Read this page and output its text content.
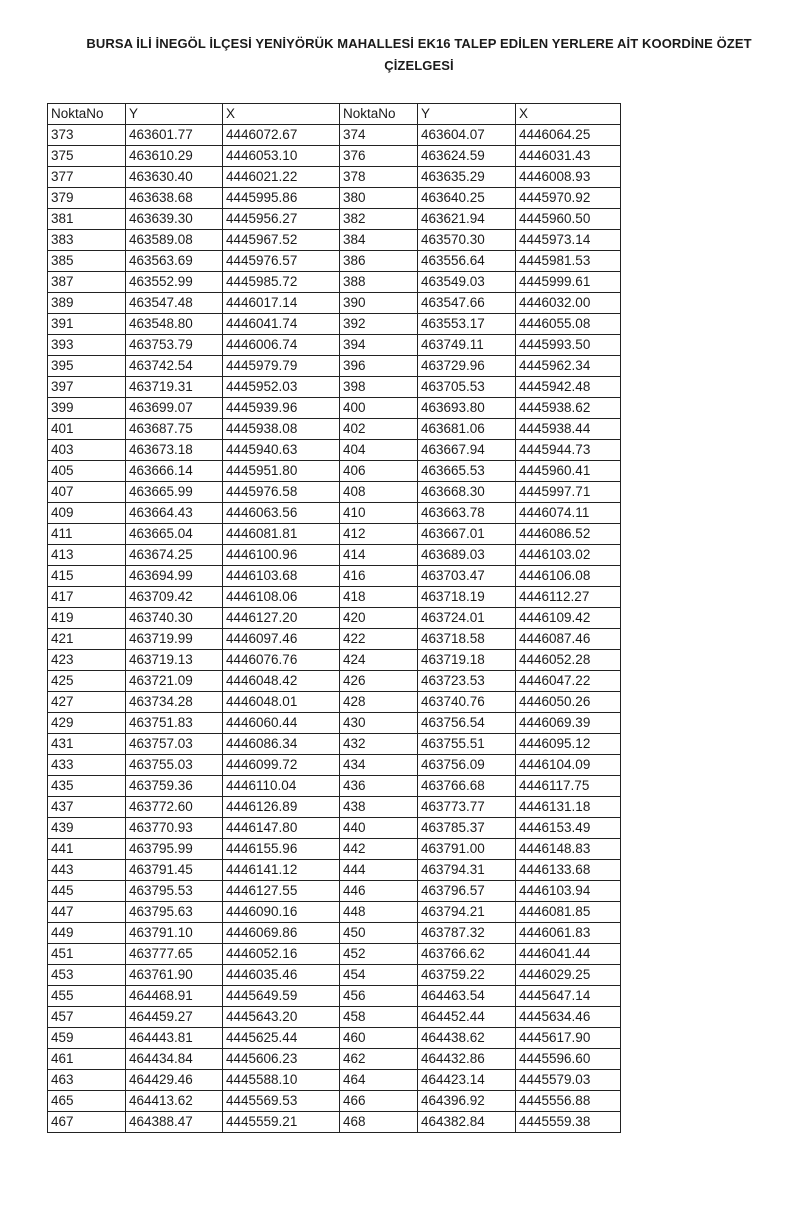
BURSA İLİ İNEGÖL İLÇESİ YENİYÖRÜK MAHALLESİ EK16 TALEP EDİLEN YERLERE AİT KOORDİNE ÖZET
ÇİZELGESİ
NoktaNo	Y	X	NoktaNo	Y	X
373	463601.77	4446072.67	374	463604.07	4446064.25
375	463610.29	4446053.10	376	463624.59	4446031.43
377	463630.40	4446021.22	378	463635.29	4446008.93
379	463638.68	4445995.86	380	463640.25	4445970.92
381	463639.30	4445956.27	382	463621.94	4445960.50
383	463589.08	4445967.52	384	463570.30	4445973.14
385	463563.69	4445976.57	386	463556.64	4445981.53
387	463552.99	4445985.72	388	463549.03	4445999.61
389	463547.48	4446017.14	390	463547.66	4446032.00
391	463548.80	4446041.74	392	463553.17	4446055.08
393	463753.79	4446006.74	394	463749.11	4445993.50
395	463742.54	4445979.79	396	463729.96	4445962.34
397	463719.31	4445952.03	398	463705.53	4445942.48
399	463699.07	4445939.96	400	463693.80	4445938.62
401	463687.75	4445938.08	402	463681.06	4445938.44
403	463673.18	4445940.63	404	463667.94	4445944.73
405	463666.14	4445951.80	406	463665.53	4445960.41
407	463665.99	4445976.58	408	463668.30	4445997.71
409	463664.43	4446063.56	410	463663.78	4446074.11
411	463665.04	4446081.81	412	463667.01	4446086.52
413	463674.25	4446100.96	414	463689.03	4446103.02
415	463694.99	4446103.68	416	463703.47	4446106.08
417	463709.42	4446108.06	418	463718.19	4446112.27
419	463740.30	4446127.20	420	463724.01	4446109.42
421	463719.99	4446097.46	422	463718.58	4446087.46
423	463719.13	4446076.76	424	463719.18	4446052.28
425	463721.09	4446048.42	426	463723.53	4446047.22
427	463734.28	4446048.01	428	463740.76	4446050.26
429	463751.83	4446060.44	430	463756.54	4446069.39
431	463757.03	4446086.34	432	463755.51	4446095.12
433	463755.03	4446099.72	434	463756.09	4446104.09
435	463759.36	4446110.04	436	463766.68	4446117.75
437	463772.60	4446126.89	438	463773.77	4446131.18
439	463770.93	4446147.80	440	463785.37	4446153.49
441	463795.99	4446155.96	442	463791.00	4446148.83
443	463791.45	4446141.12	444	463794.31	4446133.68
445	463795.53	4446127.55	446	463796.57	4446103.94
447	463795.63	4446090.16	448	463794.21	4446081.85
449	463791.10	4446069.86	450	463787.32	4446061.83
451	463777.65	4446052.16	452	463766.62	4446041.44
453	463761.90	4446035.46	454	463759.22	4446029.25
455	464468.91	4445649.59	456	464463.54	4445647.14
457	464459.27	4445643.20	458	464452.44	4445634.46
459	464443.81	4445625.44	460	464438.62	4445617.90
461	464434.84	4445606.23	462	464432.86	4445596.60
463	464429.46	4445588.10	464	464423.14	4445579.03
465	464413.62	4445569.53	466	464396.92	4445556.88
467	464388.47	4445559.21	468	464382.84	4445559.38
